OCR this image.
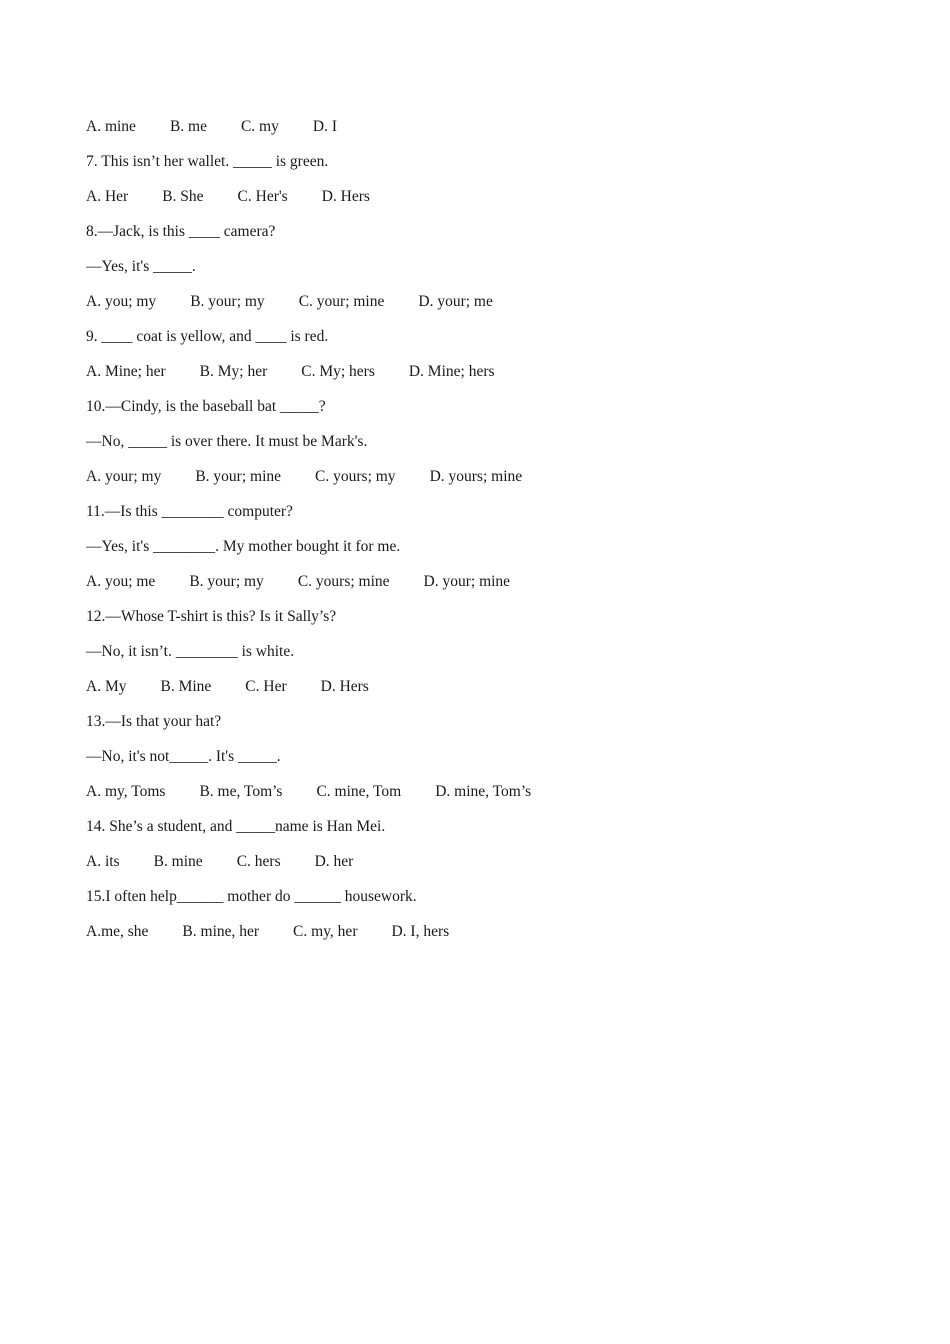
A. mine B. me C. my D. I
7. This isn’t her wallet. _____ is green.
A. Her B. She C. Her's D. Hers
8.—Jack, is this ____ camera?
—Yes, it's _____.
A. you; my B. your; my C. your; mine D. your; me
9. ____ coat is yellow, and ____ is red.
A. Mine; her B. My; her C. My; hers D. Mine; hers
10.—Cindy, is the baseball bat _____?
—No, _____ is over there. It must be Mark's.
A. your; my B. your; mine C. yours; my D. yours; mine
11.—Is this ________ computer?
—Yes, it's ________. My mother bought it for me.
A. you; me B. your; my C. yours; mine D. your; mine
12.—Whose T-shirt is this? Is it Sally’s?
—No, it isn’t. ________ is white.
A. My B. Mine C. Her D. Hers
13.—Is that your hat?
—No, it's not_____. It's _____.
A. my, Toms B. me, Tom’s C. mine, Tom D. mine, Tom’s
14. She’s a student, and _____name is Han Mei.
A. its B. mine C. hers D. her
15.I often help______ mother do ______ housework.
A.me, she B. mine, her C. my, her D. I, hers
